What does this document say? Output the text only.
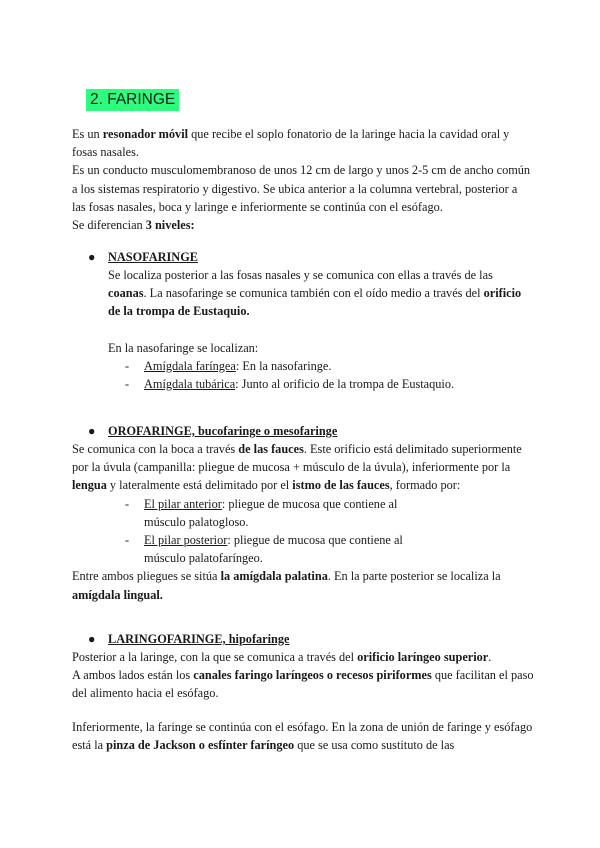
2. FARINGE

Es un resonador móvil que recibe el soplo fonatorio de la laringe hacia la cavidad oral y fosas nasales.

Es un conducto musculomembranoso de unos 12 cm de largo y unos 2-5 cm de ancho común a los sistemas respiratorio y digestivo. Se ubica anterior a la columna vertebral, posterior a las fosas nasales, boca y laringe e inferiormente se continúa con el esófago.

Se diferencian 3 niveles:

● NASOFARINGE

Se localiza posterior a las fosas nasales y se comunica con ellas a través de las coanas. La nasofaringe se comunica también con el oído medio a través del orificio de la trompa de Eustaquio.

En la nasofaringe se localizan:

- Amígdala faríngea: En la nasofaringe.
- Amígdala tubárica: Junto al orificio de la trompa de Eustaquio.
● OROFARINGE, bucofaringe o mesofaringe

Se comunica con la boca a través de las fauces. Este orificio está delimitado superiormente por la úvula (campanilla: pliegue de mucosa + músculo de la úvula), inferiormente por la lengua y lateralmente está delimitado por el istmo de las fauces, formado por:

- El pilar anterior: pliegue de mucosa que contiene al músculo palatogloso.
- El pilar posterior: pliegue de mucosa que contiene al músculo palatofaríngeo.

Entre ambos pliegues se sitúa la amígdala palatina. En la parte posterior se localiza la amígdala lingual.

● LARINGOFARINGE, hipofaringe

Posterior a la laringe, con la que se comunica a través del orificio laríngeo superior.

A ambos lados están los canales faringo laríngeos o recesos piriformes que facilitan el paso del alimento hacia el esófago.

Inferiormente, la faringe se continúa con el esófago. En la zona de unión de faringe y esófago está la pinza de Jackson o esfínter faríngeo que se usa como sustituto de las
